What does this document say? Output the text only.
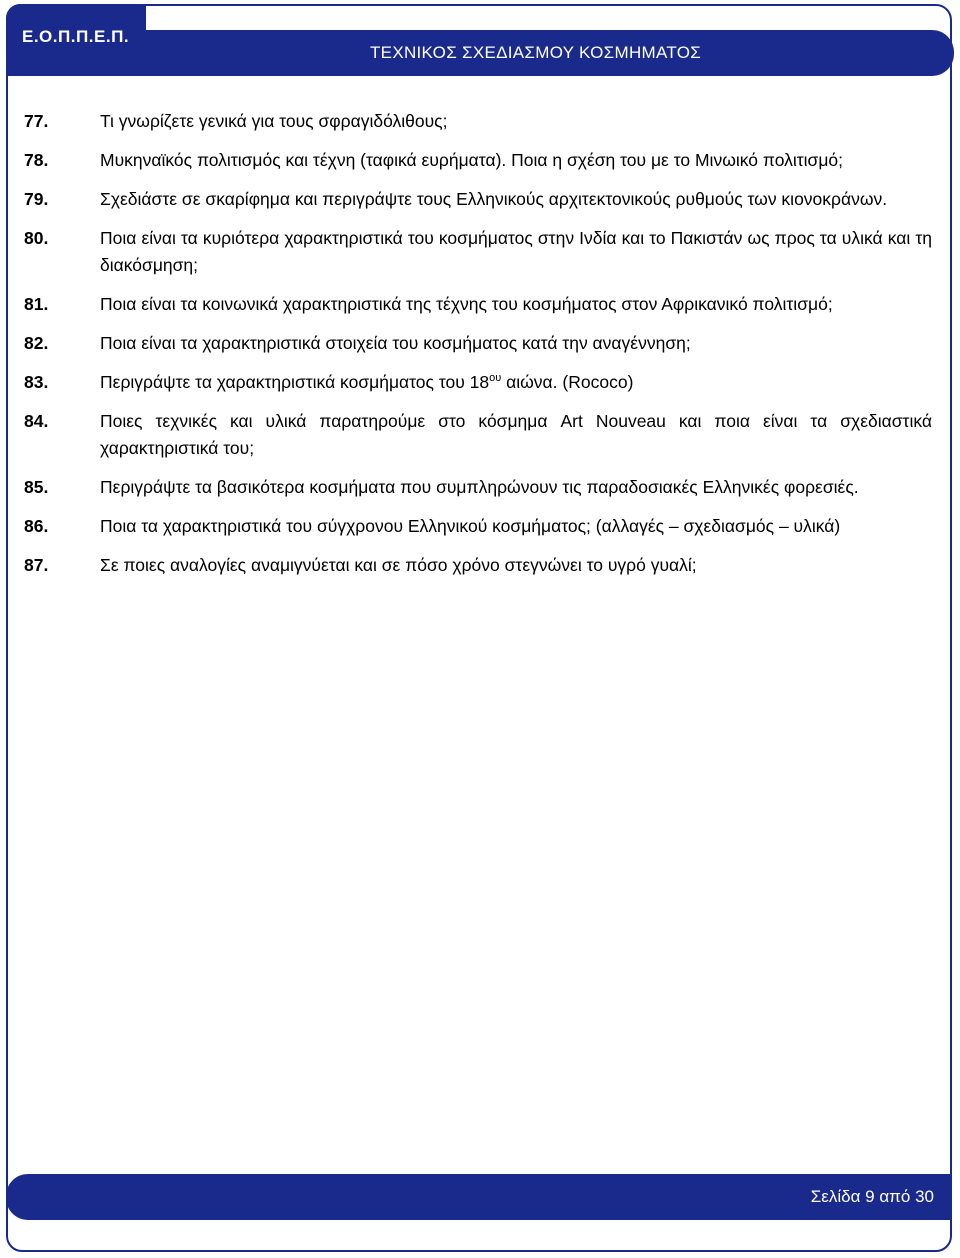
Ε.Ο.Π.Π.Ε.Π.
ΤΕΧΝΙΚΟΣ ΣΧΕΔΙΑΣΜΟΥ ΚΟΣΜΗΜΑΤΟΣ
77.	Τι γνωρίζετε γενικά για τους σφραγιδόλιθους;
78.	Μυκηναϊκός πολιτισμός και τέχνη (ταφικά ευρήματα). Ποια η σχέση του με το Μινωικό πολιτισμό;
79.	Σχεδιάστε σε σκαρίφημα και περιγράψτε τους Ελληνικούς αρχιτεκτονικούς ρυθμούς των κιονοκράνων.
80.	Ποια είναι τα κυριότερα χαρακτηριστικά του κοσμήματος στην Ινδία και το Πακιστάν ως προς τα υλικά και τη διακόσμηση;
81.	Ποια είναι τα κοινωνικά χαρακτηριστικά της τέχνης του κοσμήματος στον Αφρικανικό πολιτισμό;
82.	Ποια είναι τα χαρακτηριστικά στοιχεία του κοσμήματος κατά την αναγέννηση;
83.	Περιγράψτε τα χαρακτηριστικά κοσμήματος του $18^{o\upsilon}$ αιώνα. (Rococo)
84.	Ποιες τεχνικές και υλικά παρατηρούμε στο κόσμημα Art Nouveau και ποια είναι τα σχεδιαστικά χαρακτηριστικά του;
85.	Περιγράψτε τα βασικότερα κοσμήματα που συμπληρώνουν τις παραδοσιακές Ελληνικές φορεσιές.
86.	Ποια τα χαρακτηριστικά του σύγχρονου Ελληνικού κοσμήματος; (αλλαγές – σχεδιασμός – υλικά)
87.	Σε ποιες αναλογίες αναμιγνύεται και σε πόσο χρόνο στεγνώνει το υγρό γυαλί;
Σελίδα 9 από 30
